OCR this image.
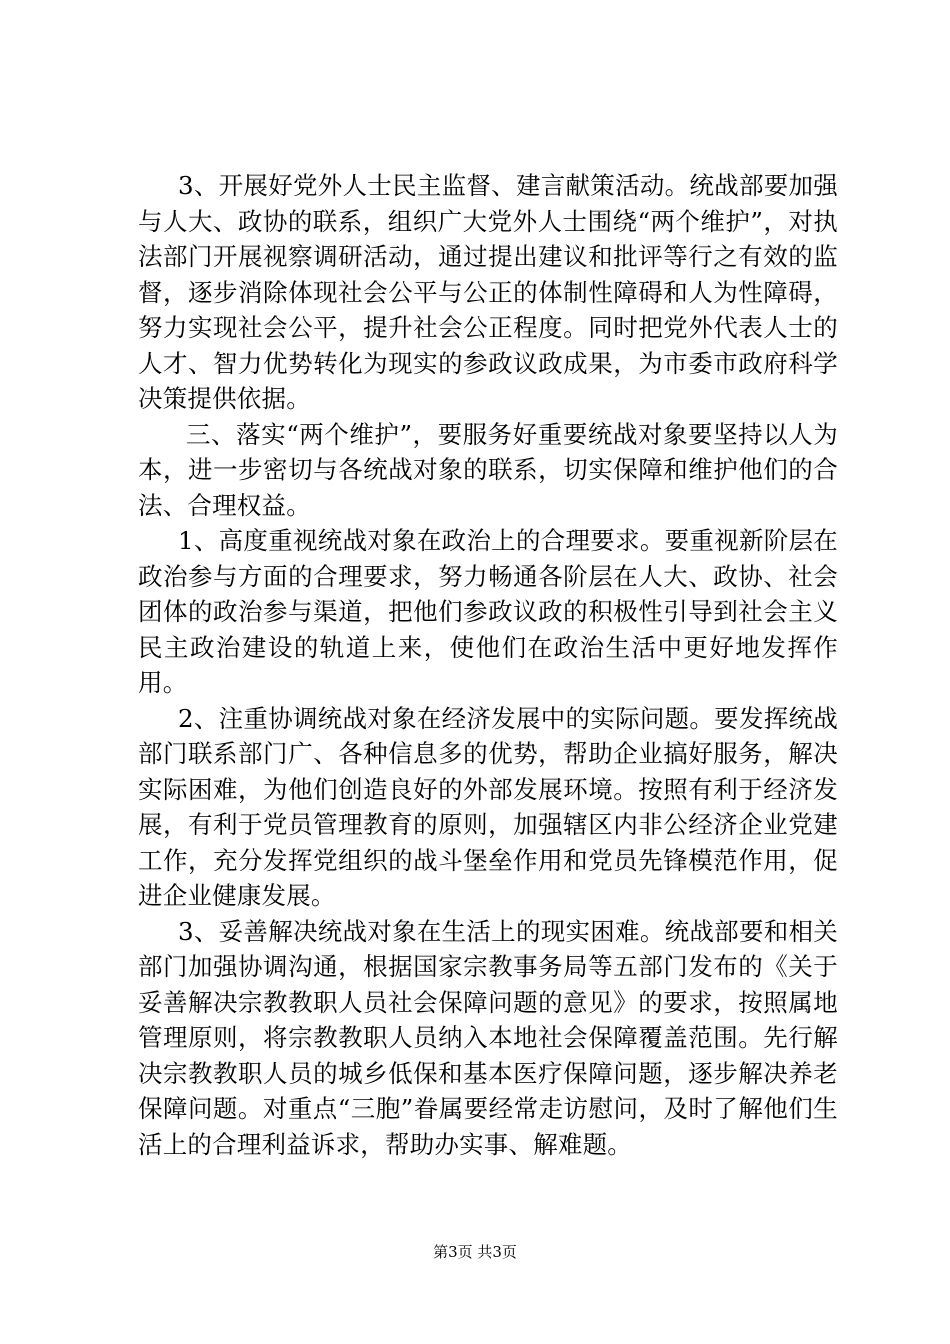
3、开展好党外人士民主监督、建言献策活动。统战部要加强与人大、政协的联系，组织广大党外人士围绕“两个维护”，对执法部门开展视察调研活动，通过提出建议和批评等行之有效的监督，逐步消除体现社会公平与公正的体制性障碍和人为性障碍，努力实现社会公平，提升社会公正程度。同时把党外代表人士的人才、智力优势转化为现实的参政议政成果，为市委市政府科学决策提供依据。

三、落实“两个维护”，要服务好重要统战对象要坚持以人为本，进一步密切与各统战对象的联系，切实保障和维护他们的合法、合理权益。

1、高度重视统战对象在政治上的合理要求。要重视新阶层在政治参与方面的合理要求，努力畅通各阶层在人大、政协、社会团体的政治参与渠道，把他们参政议政的积极性引导到社会主义民主政治建设的轨道上来，使他们在政治生活中更好地发挥作用。

2、注重协调统战对象在经济发展中的实际问题。要发挥统战部门联系部门广、各种信息多的优势，帮助企业搞好服务，解决实际困难，为他们创造良好的外部发展环境。按照有利于经济发展，有利于党员管理教育的原则，加强辖区内非公经济企业党建工作，充分发挥党组织的战斗堡垒作用和党员先锋模范作用，促进企业健康发展。

3、妥善解决统战对象在生活上的现实困难。统战部要和相关部门加强协调沟通，根据国家宗教事务局等五部门发布的《关于妥善解决宗教教职人员社会保障问题的意见》的要求，按照属地管理原则，将宗教教职人员纳入本地社会保障覆盖范围。先行解决宗教教职人员的城乡低保和基本医疗保障问题，逐步解决养老保障问题。对重点“三胞”眷属要经常走访慰问，及时了解他们生活上的合理利益诉求，帮助办实事、解难题。

第3页 共3页
